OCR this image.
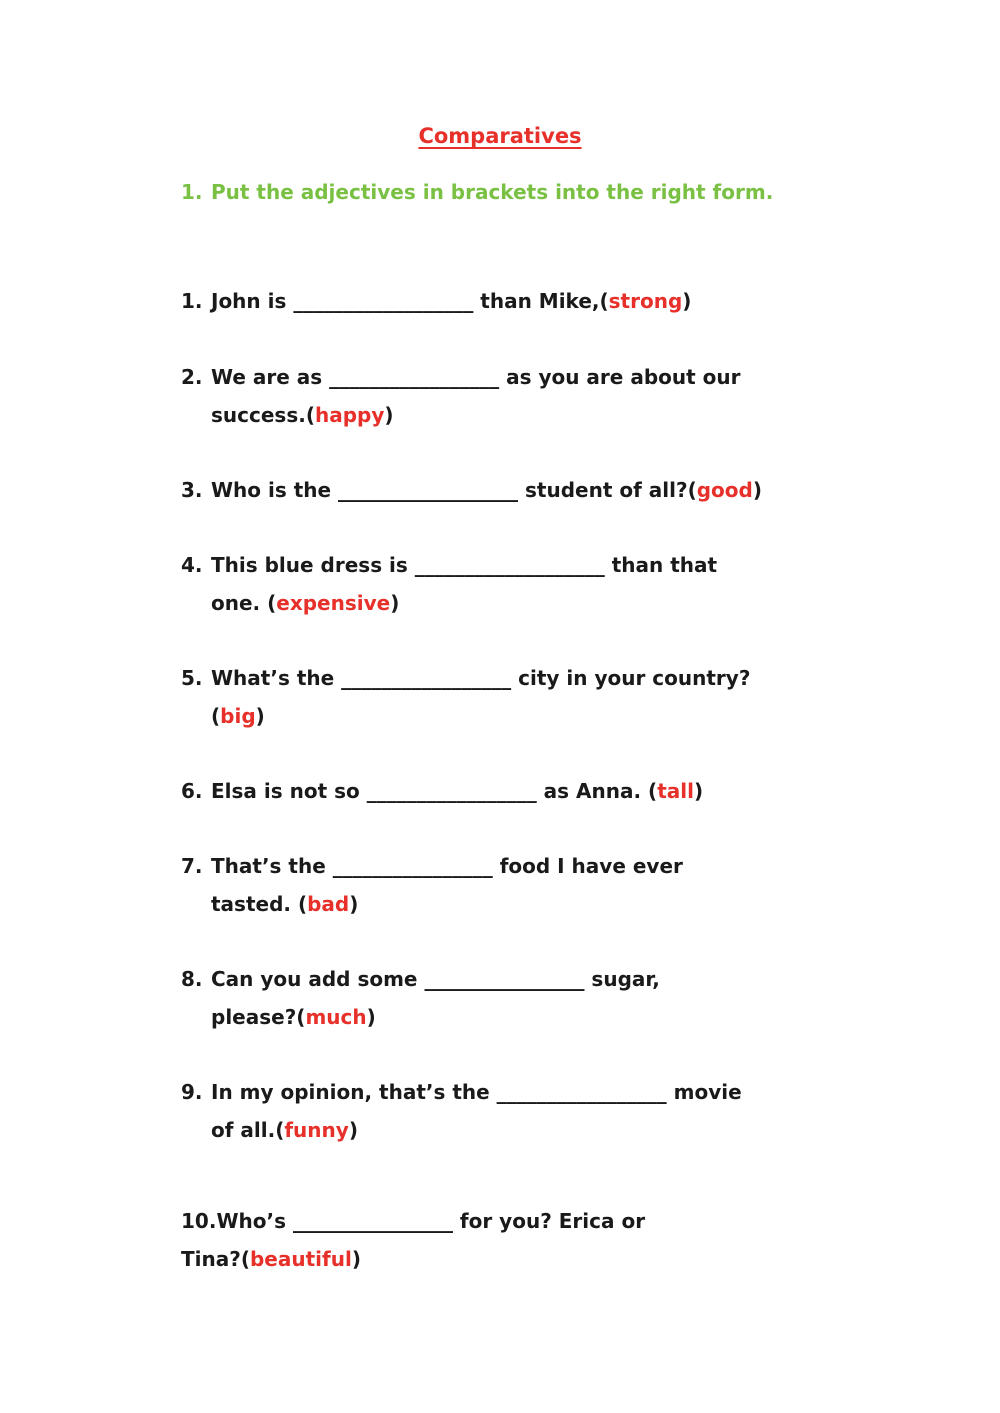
Comparatives
1. Put the adjectives in brackets into the right form.
1. John is __________________ than Mike,(strong)
2. We are as _________________ as you are about our
success.(happy)
3. Who is the __________________ student of all?(good)
4. This blue dress is ___________________ than that
one. (expensive)
5. What’s the _________________ city in your country?
(big)
6. Elsa is not so _________________ as Anna. (tall)
7. That’s the ________________ food I have ever
tasted. (bad)
8. Can you add some ________________ sugar,
please?(much)
9. In my opinion, that’s the _________________ movie
of all.(funny)
10.Who’s ________________ for you? Erica or
Tina?(beautiful)
